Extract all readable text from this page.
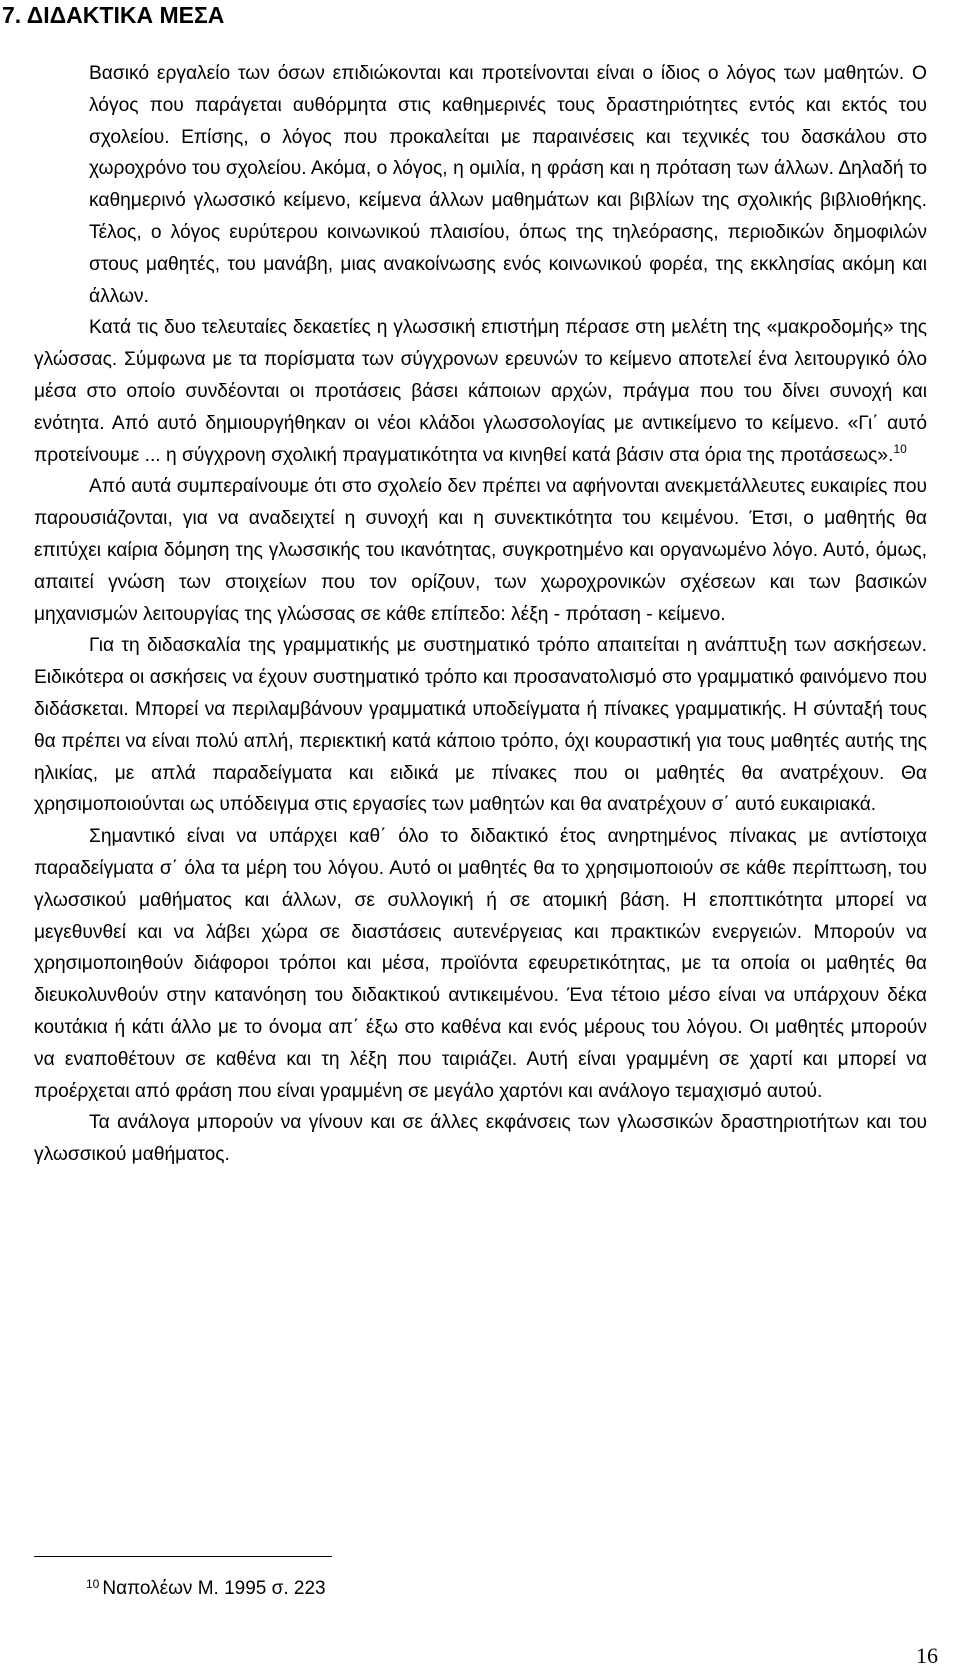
7. ΔΙΔΑΚΤΙΚΑ ΜΕΣΑ

Βασικό εργαλείο των όσων επιδιώκονται και προτείνονται είναι ο ίδιος ο λόγος των μαθητών. Ο λόγος που παράγεται αυθόρμητα στις καθημερινές τους δραστηριότητες εντός και εκτός του σχολείου. Επίσης, ο λόγος που προκαλείται με παραινέσεις και τεχνικές του δασκάλου στο χωροχρόνο του σχολείου. Ακόμα, ο λόγος, η ομιλία, η φράση και η πρόταση των άλλων. Δηλαδή το καθημερινό γλωσσικό κείμενο, κείμενα άλλων μαθημάτων και βιβλίων της σχολικής βιβλιοθήκης. Τέλος, ο λόγος ευρύτερου κοινωνικού πλαισίου, όπως της τηλεόρασης, περιοδικών δημοφιλών στους μαθητές, του μανάβη, μιας ανακοίνωσης ενός κοινωνικού φορέα, της εκκλησίας ακόμη και άλλων.

Κατά τις δυο τελευταίες δεκαετίες η γλωσσική επιστήμη πέρασε στη μελέτη της «μακροδομής» της γλώσσας. Σύμφωνα με τα πορίσματα των σύγχρονων ερευνών το κείμενο αποτελεί ένα λειτουργικό όλο μέσα στο οποίο συνδέονται οι προτάσεις βάσει κάποιων αρχών, πράγμα που του δίνει συνοχή και ενότητα. Από αυτό δημιουργήθηκαν οι νέοι κλάδοι γλωσσολογίας με αντικείμενο το κείμενο. «Γι΄ αυτό προτείνουμε ... η σύγχρονη σχολική πραγματικότητα να κινηθεί κατά βάσιν στα όρια της προτάσεως».$^{10}$

Από αυτά συμπεραίνουμε ότι στο σχολείο δεν πρέπει να αφήνονται ανεκμετάλλευτες ευκαιρίες που παρουσιάζονται, για να αναδειχτεί η συνοχή και η συνεκτικότητα του κειμένου. Έτσι, ο μαθητής θα επιτύχει καίρια δόμηση της γλωσσικής του ικανότητας, συγκροτημένο και οργανωμένο λόγο. Αυτό, όμως, απαιτεί γνώση των στοιχείων που τον ορίζουν, των χωροχρονικών σχέσεων και των βασικών μηχανισμών λειτουργίας της γλώσσας σε κάθε επίπεδο: λέξη - πρόταση - κείμενο.

Για τη διδασκαλία της γραμματικής με συστηματικό τρόπο απαιτείται η ανάπτυξη των ασκήσεων. Ειδικότερα οι ασκήσεις να έχουν συστηματικό τρόπο και προσανατολισμό στο γραμματικό φαινόμενο που διδάσκεται. Μπορεί να περιλαμβάνουν γραμματικά υποδείγματα ή πίνακες γραμματικής. Η σύνταξή τους θα πρέπει να είναι πολύ απλή, περιεκτική κατά κάποιο τρόπο, όχι κουραστική για τους μαθητές αυτής της ηλικίας, με απλά παραδείγματα και ειδικά με πίνακες που οι μαθητές θα ανατρέχουν. Θα χρησιμοποιούνται ως υπόδειγμα στις εργασίες των μαθητών και θα ανατρέχουν σ΄ αυτό ευκαιριακά.

Σημαντικό είναι να υπάρχει καθ΄ όλο το διδακτικό έτος ανηρτημένος πίνακας με αντίστοιχα παραδείγματα σ΄ όλα τα μέρη του λόγου. Αυτό οι μαθητές θα το χρησιμοποιούν σε κάθε περίπτωση, του γλωσσικού μαθήματος και άλλων, σε συλλογική ή σε ατομική βάση. Η εποπτικότητα μπορεί να μεγεθυνθεί και να λάβει χώρα σε διαστάσεις αυτενέργειας και πρακτικών ενεργειών. Μπορούν να χρησιμοποιηθούν διάφοροι τρόποι και μέσα, προϊόντα εφευρετικότητας, με τα οποία οι μαθητές θα διευκολυνθούν στην κατανόηση του διδακτικού αντικειμένου. Ένα τέτοιο μέσο είναι να υπάρχουν δέκα κουτάκια ή κάτι άλλο με το όνομα απ΄ έξω στο καθένα και ενός μέρους του λόγου. Οι μαθητές μπορούν να εναποθέτουν σε καθένα και τη λέξη που ταιριάζει. Αυτή είναι γραμμένη σε χαρτί και μπορεί να προέρχεται από φράση που είναι γραμμένη σε μεγάλο χαρτόνι και ανάλογο τεμαχισμό αυτού.

Τα ανάλογα μπορούν να γίνουν και σε άλλες εκφάνσεις των γλωσσικών δραστηριοτήτων και του γλωσσικού μαθήματος.

$^{10}$ Ναπολέων Μ. 1995 σ. 223
16
